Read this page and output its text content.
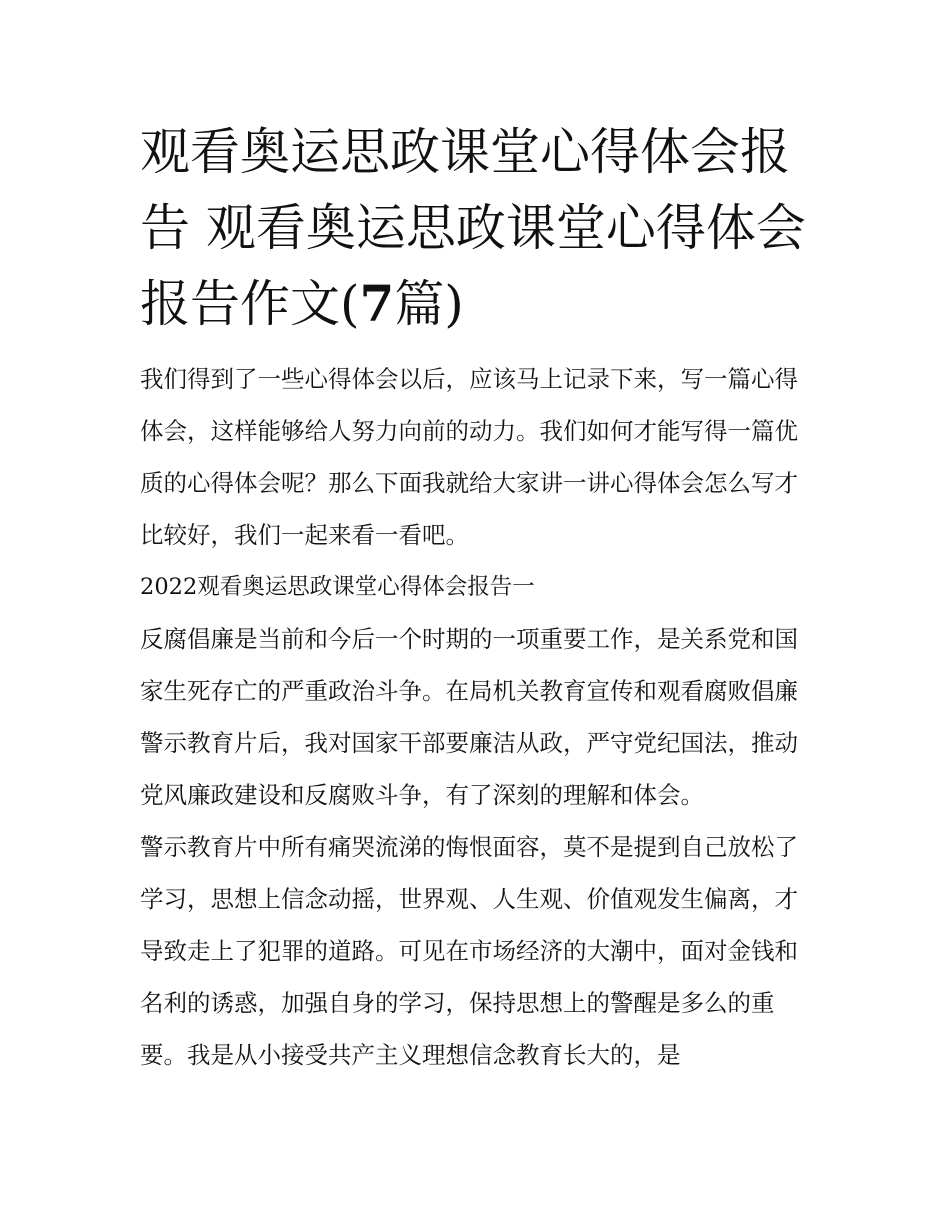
观看奥运思政课堂心得体会报告 观看奥运思政课堂心得体会报告作文(7篇)

我们得到了一些心得体会以后，应该马上记录下来，写一篇心得体会，这样能够给人努力向前的动力。我们如何才能写得一篇优质的心得体会呢？那么下面我就给大家讲一讲心得体会怎么写才比较好，我们一起来看一看吧。

2022观看奥运思政课堂心得体会报告一

反腐倡廉是当前和今后一个时期的一项重要工作，是关系党和国家生死存亡的严重政治斗争。在局机关教育宣传和观看腐败倡廉警示教育片后，我对国家干部要廉洁从政，严守党纪国法，推动党风廉政建设和反腐败斗争，有了深刻的理解和体会。

警示教育片中所有痛哭流涕的悔恨面容，莫不是提到自己放松了学习，思想上信念动摇，世界观、人生观、价值观发生偏离，才导致走上了犯罪的道路。可见在市场经济的大潮中，面对金钱和名利的诱惑，加强自身的学习，保持思想上的警醒是多么的重要。我是从小接受共产主义理想信念教育长大的，是
